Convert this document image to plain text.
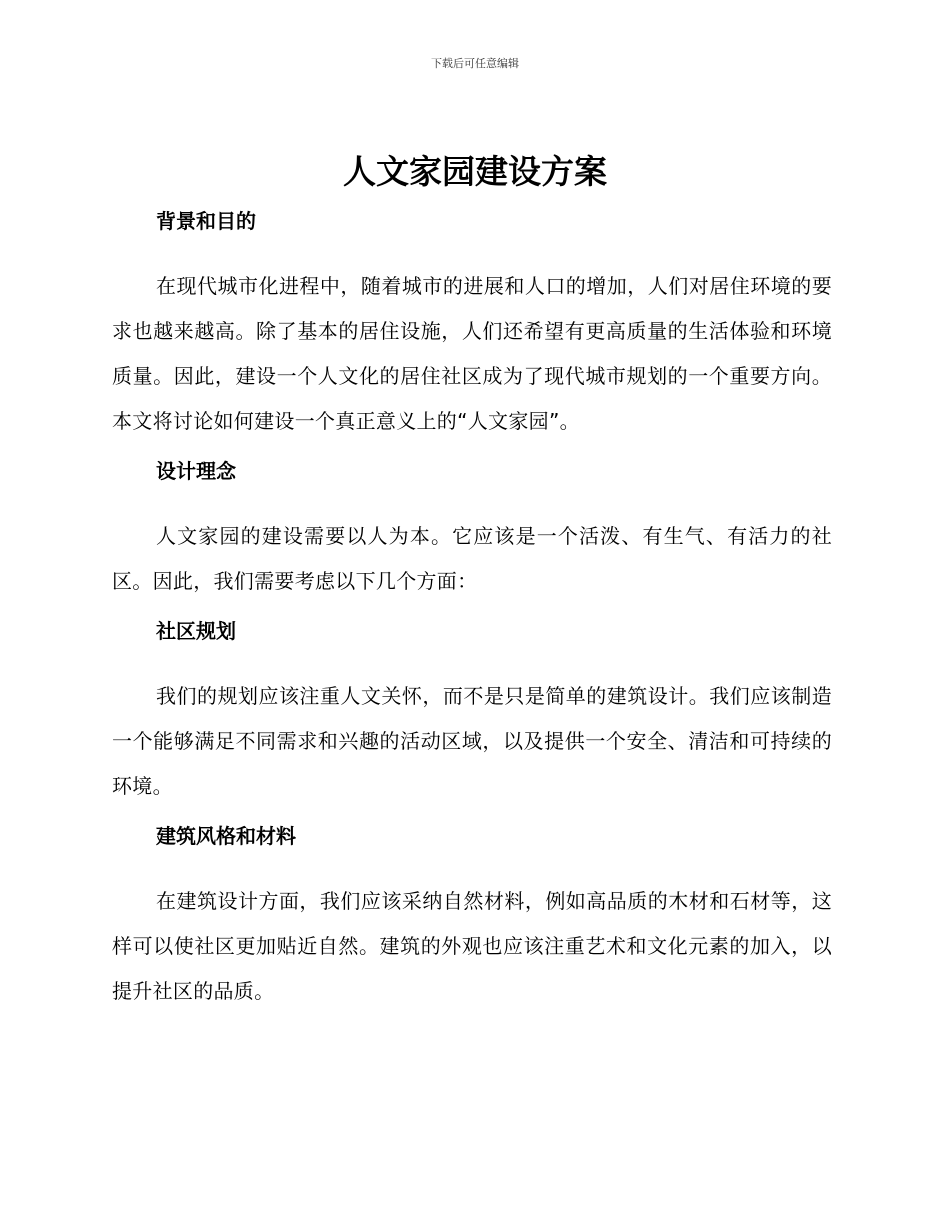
下载后可任意编辑
人文家园建设方案
背景和目的

在现代城市化进程中，随着城市的进展和人口的增加，人们对居住环境的要求也越来越高。除了基本的居住设施，人们还希望有更高质量的生活体验和环境质量。因此，建设一个人文化的居住社区成为了现代城市规划的一个重要方向。本文将讨论如何建设一个真正意义上的“人文家园”。

设计理念

人文家园的建设需要以人为本。它应该是一个活泼、有生气、有活力的社区。因此，我们需要考虑以下几个方面：

社区规划

我们的规划应该注重人文关怀，而不是只是简单的建筑设计。我们应该制造一个能够满足不同需求和兴趣的活动区域，以及提供一个安全、清洁和可持续的环境。

建筑风格和材料

在建筑设计方面，我们应该采纳自然材料，例如高品质的木材和石材等，这样可以使社区更加贴近自然。建筑的外观也应该注重艺术和文化元素的加入，以提升社区的品质。
